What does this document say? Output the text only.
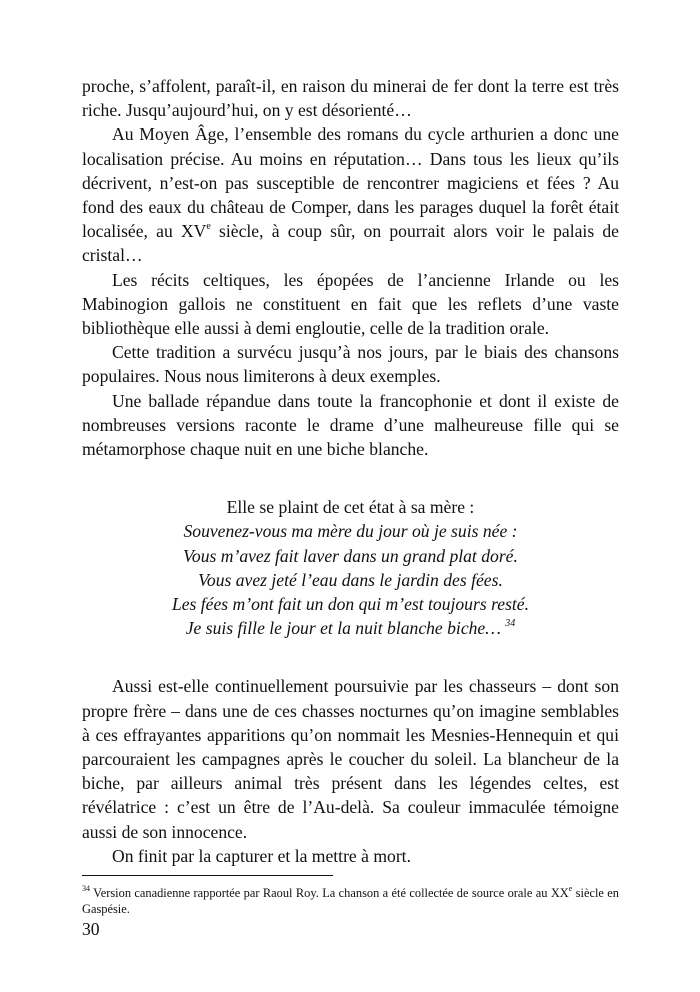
proche, s’affolent, paraît-il, en raison du minerai de fer dont la terre est très riche. Jusqu’aujourd’hui, on y est désorienté…

Au Moyen Âge, l’ensemble des romans du cycle arthurien a donc une localisation précise. Au moins en réputation… Dans tous les lieux qu’ils décrivent, n’est-on pas susceptible de rencontrer magiciens et fées ? Au fond des eaux du château de Comper, dans les parages duquel la forêt était localisée, au XVe siècle, à coup sûr, on pourrait alors voir le palais de cristal…

Les récits celtiques, les épopées de l’ancienne Irlande ou les Mabinogion gallois ne constituent en fait que les reflets d’une vaste bibliothèque elle aussi à demi engloutie, celle de la tradition orale.

Cette tradition a survécu jusqu’à nos jours, par le biais des chansons populaires. Nous nous limiterons à deux exemples.

Une ballade répandue dans toute la francophonie et dont il existe de nombreuses versions raconte le drame d’une malheureuse fille qui se métamorphose chaque nuit en une biche blanche.

Elle se plaint de cet état à sa mère :
Souvenez-vous ma mère du jour où je suis née :
Vous m’avez fait laver dans un grand plat doré.
Vous avez jeté l’eau dans le jardin des fées.
Les fées m’ont fait un don qui m’est toujours resté.
Je suis fille le jour et la nuit blanche biche… $^{34}$

Aussi est-elle continuellement poursuivie par les chasseurs – dont son propre frère – dans une de ces chasses nocturnes qu’on imagine semblables à ces effrayantes apparitions qu’on nommait les Mesnies-Hennequin et qui parcouraient les campagnes après le coucher du soleil. La blancheur de la biche, par ailleurs animal très présent dans les légendes celtes, est révélatrice : c’est un être de l’Au-delà. Sa couleur immaculée témoigne aussi de son innocence.

On finit par la capturer et la mettre à mort.

$^{34}$ Version canadienne rapportée par Raoul Roy. La chanson a été collectée de source orale au XXe siècle en Gaspésie.
30
